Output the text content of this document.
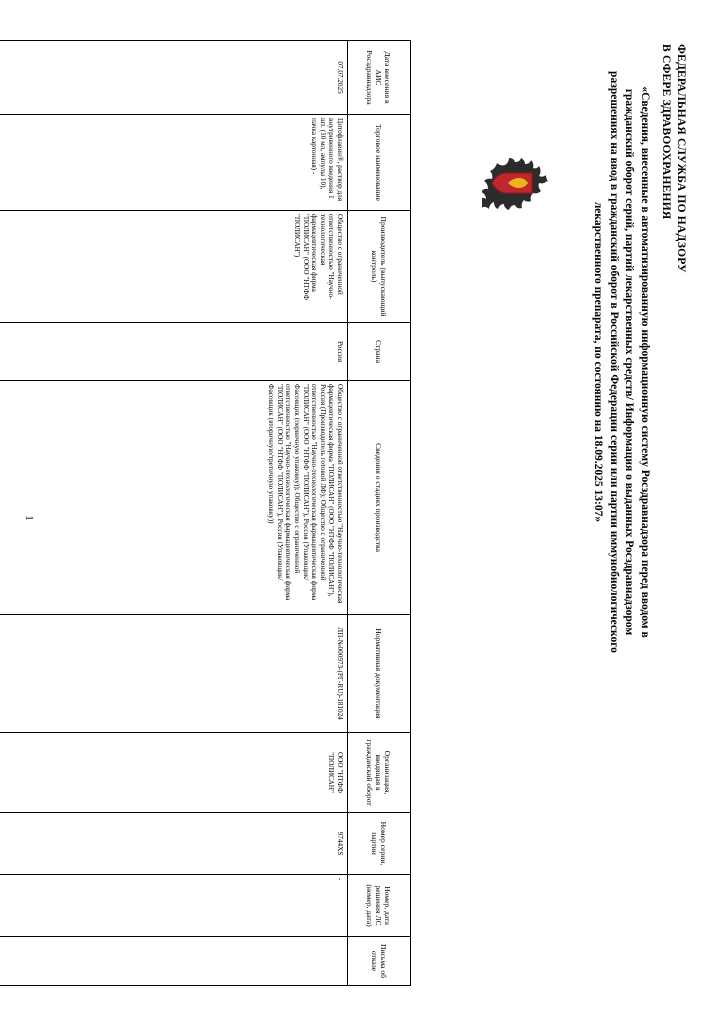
ФЕДЕРАЛЬНАЯ СЛУЖБА ПО НАДЗОРУ
В СФЕРЕ ЗДРАВООХРАНЕНИЯ
«Сведения, внесенные в автоматизированную информационную систему Росздравнадзора перед вводом в гражданский оборот серий, партий лекарственных средств/ Информация о выданных Росздравнадзором разрешениях на ввод в гражданский оборот в Российской Федерации серии или партии иммунобиологического лекарственного препарата, по состоянию на 18.09.2025 13:07»
1
Дата внесения в АИС Росздравнадзора	Торговое наименование	Производитель (выпускающий контроль)	Страна	Сведения о стадиях производства	Нормативная документация	Организация, вводящая в гражданский оборот	Номер серии, партии	Номер, дата решения ЛС (номер, дата)	Письма об отказе
07.07.2025	Цитофлавин®, раствор для внутривенного введения 1 шт. (10 мл, ампулы 10), пачка картонная) -	Общество с ограниченной ответственностью "Научно-технологическая фармацевтическая фирма "ПОЛИСАН" (ООО "НТФФ "ПОЛИСАН")	Россия	Общество с ограниченной ответственностью "Научно-технологическая фармацевтическая фирма "ПОЛИСАН" (ООО "НТФФ "ПОЛИСАН"), Россия (Производитель готовой ЛФ); Общество с ограниченной ответственностью "Научно-технологическая фармацевтическая фирма "ПОЛИСАН" (ООО "НТФФ "ПОЛИСАН"), Россия (Упаковщик/Фасовщик (первичную упаковку)); Общество с ограниченной ответственностью "Научно-технологическая фармацевтическая фирма "ПОЛИСАН" (ООО "НТФФ "ПОЛИСАН"), Россия (Упаковщик/Фасовщик (вторичную/третичную упаковку))	ЛП-№000973-(РГ-RU)-181024	ООО "НТФФ "ПОЛИСАН"	9744XS	-	
